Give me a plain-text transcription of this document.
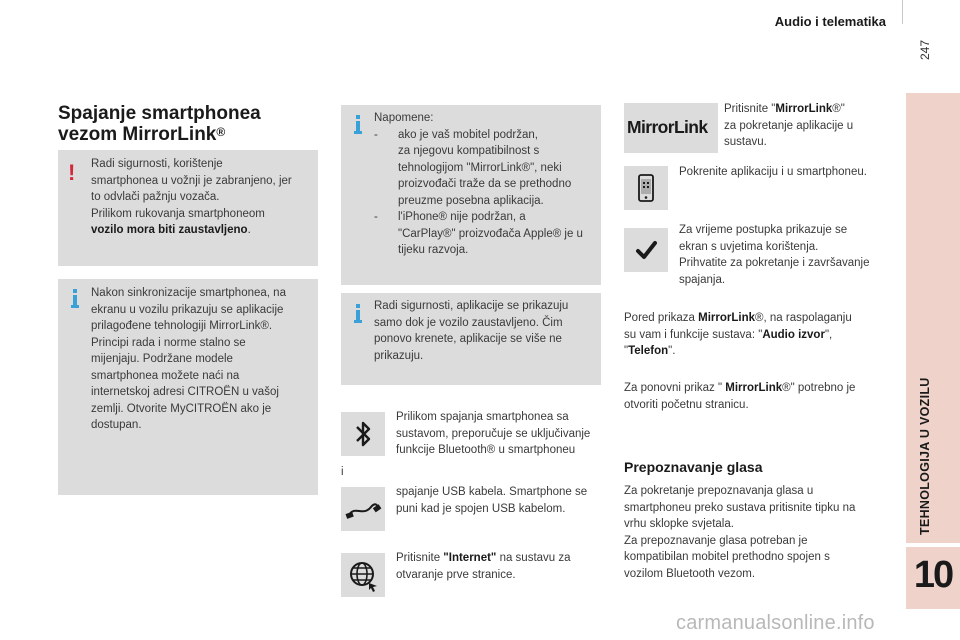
Audio i telematika
247
TEHNOLOGIJA U VOZILU
10
Spajanje smartphonea
vezom MirrorLink®
! Radi sigurnosti, korištenje
smartphonea u vožnji je zabranjeno, jer
to odvlači pažnju vozača.
Prilikom rukovanja smartphoneom
vozilo mora biti zaustavljeno.
Nakon sinkronizacije smartphonea, na
ekranu u vozilu prikazuju se aplikacije
prilagođene tehnologiji MirrorLink®.
Principi rada i norme stalno se
mijenjaju. Podržane modele
smartphonea možete naći na
internetskoj adresi CITROËN u vašoj
zemlji. Otvorite MyCITROËN ako je
dostupan.
Napomene:
-	ako je vaš mobitel podržan,
za njegovu kompatibilnost s
tehnologijom "MirrorLink®", neki
proizvođači traže da se prethodno
preuzme posebna aplikacija.
-	l'iPhone® nije podržan, a
"CarPlay®" proizvođača Apple® je u
tijeku razvoja.
Radi sigurnosti, aplikacije se prikazuju
samo dok je vozilo zaustavljeno. Čim
ponovo krenete, aplikacije se više ne
prikazuju.
Prilikom spajanja smartphonea sa
sustavom, preporučuje se uključivanje
funkcije Bluetooth® u smartphoneu
i
spajanje USB kabela. Smartphone se
puni kad je spojen USB kabelom.
Pritisnite "Internet" na sustavu za
otvaranje prve stranice.
MirrorLink
Pritisnite "MirrorLink®"
za pokretanje aplikacije u
sustavu.
Pokrenite aplikaciju i u smartphoneu.
Za vrijeme postupka prikazuje se
ekran s uvjetima korištenja.
Prihvatite za pokretanje i završavanje
spajanja.
Pored prikaza MirrorLink®, na raspolaganju
su vam i funkcije sustava: "Audio izvor",
"Telefon".
Za ponovni prikaz " MirrorLink®" potrebno je
otvoriti početnu stranicu.
Prepoznavanje glasa
Za pokretanje prepoznavanja glasa u
smartphoneu preko sustava pritisnite tipku na
vrhu sklopke svjetala.
Za prepoznavanje glasa potreban je
kompatibilan mobitel prethodno spojen s
vozilom Bluetooth vezom.
carmanualsonline.info
